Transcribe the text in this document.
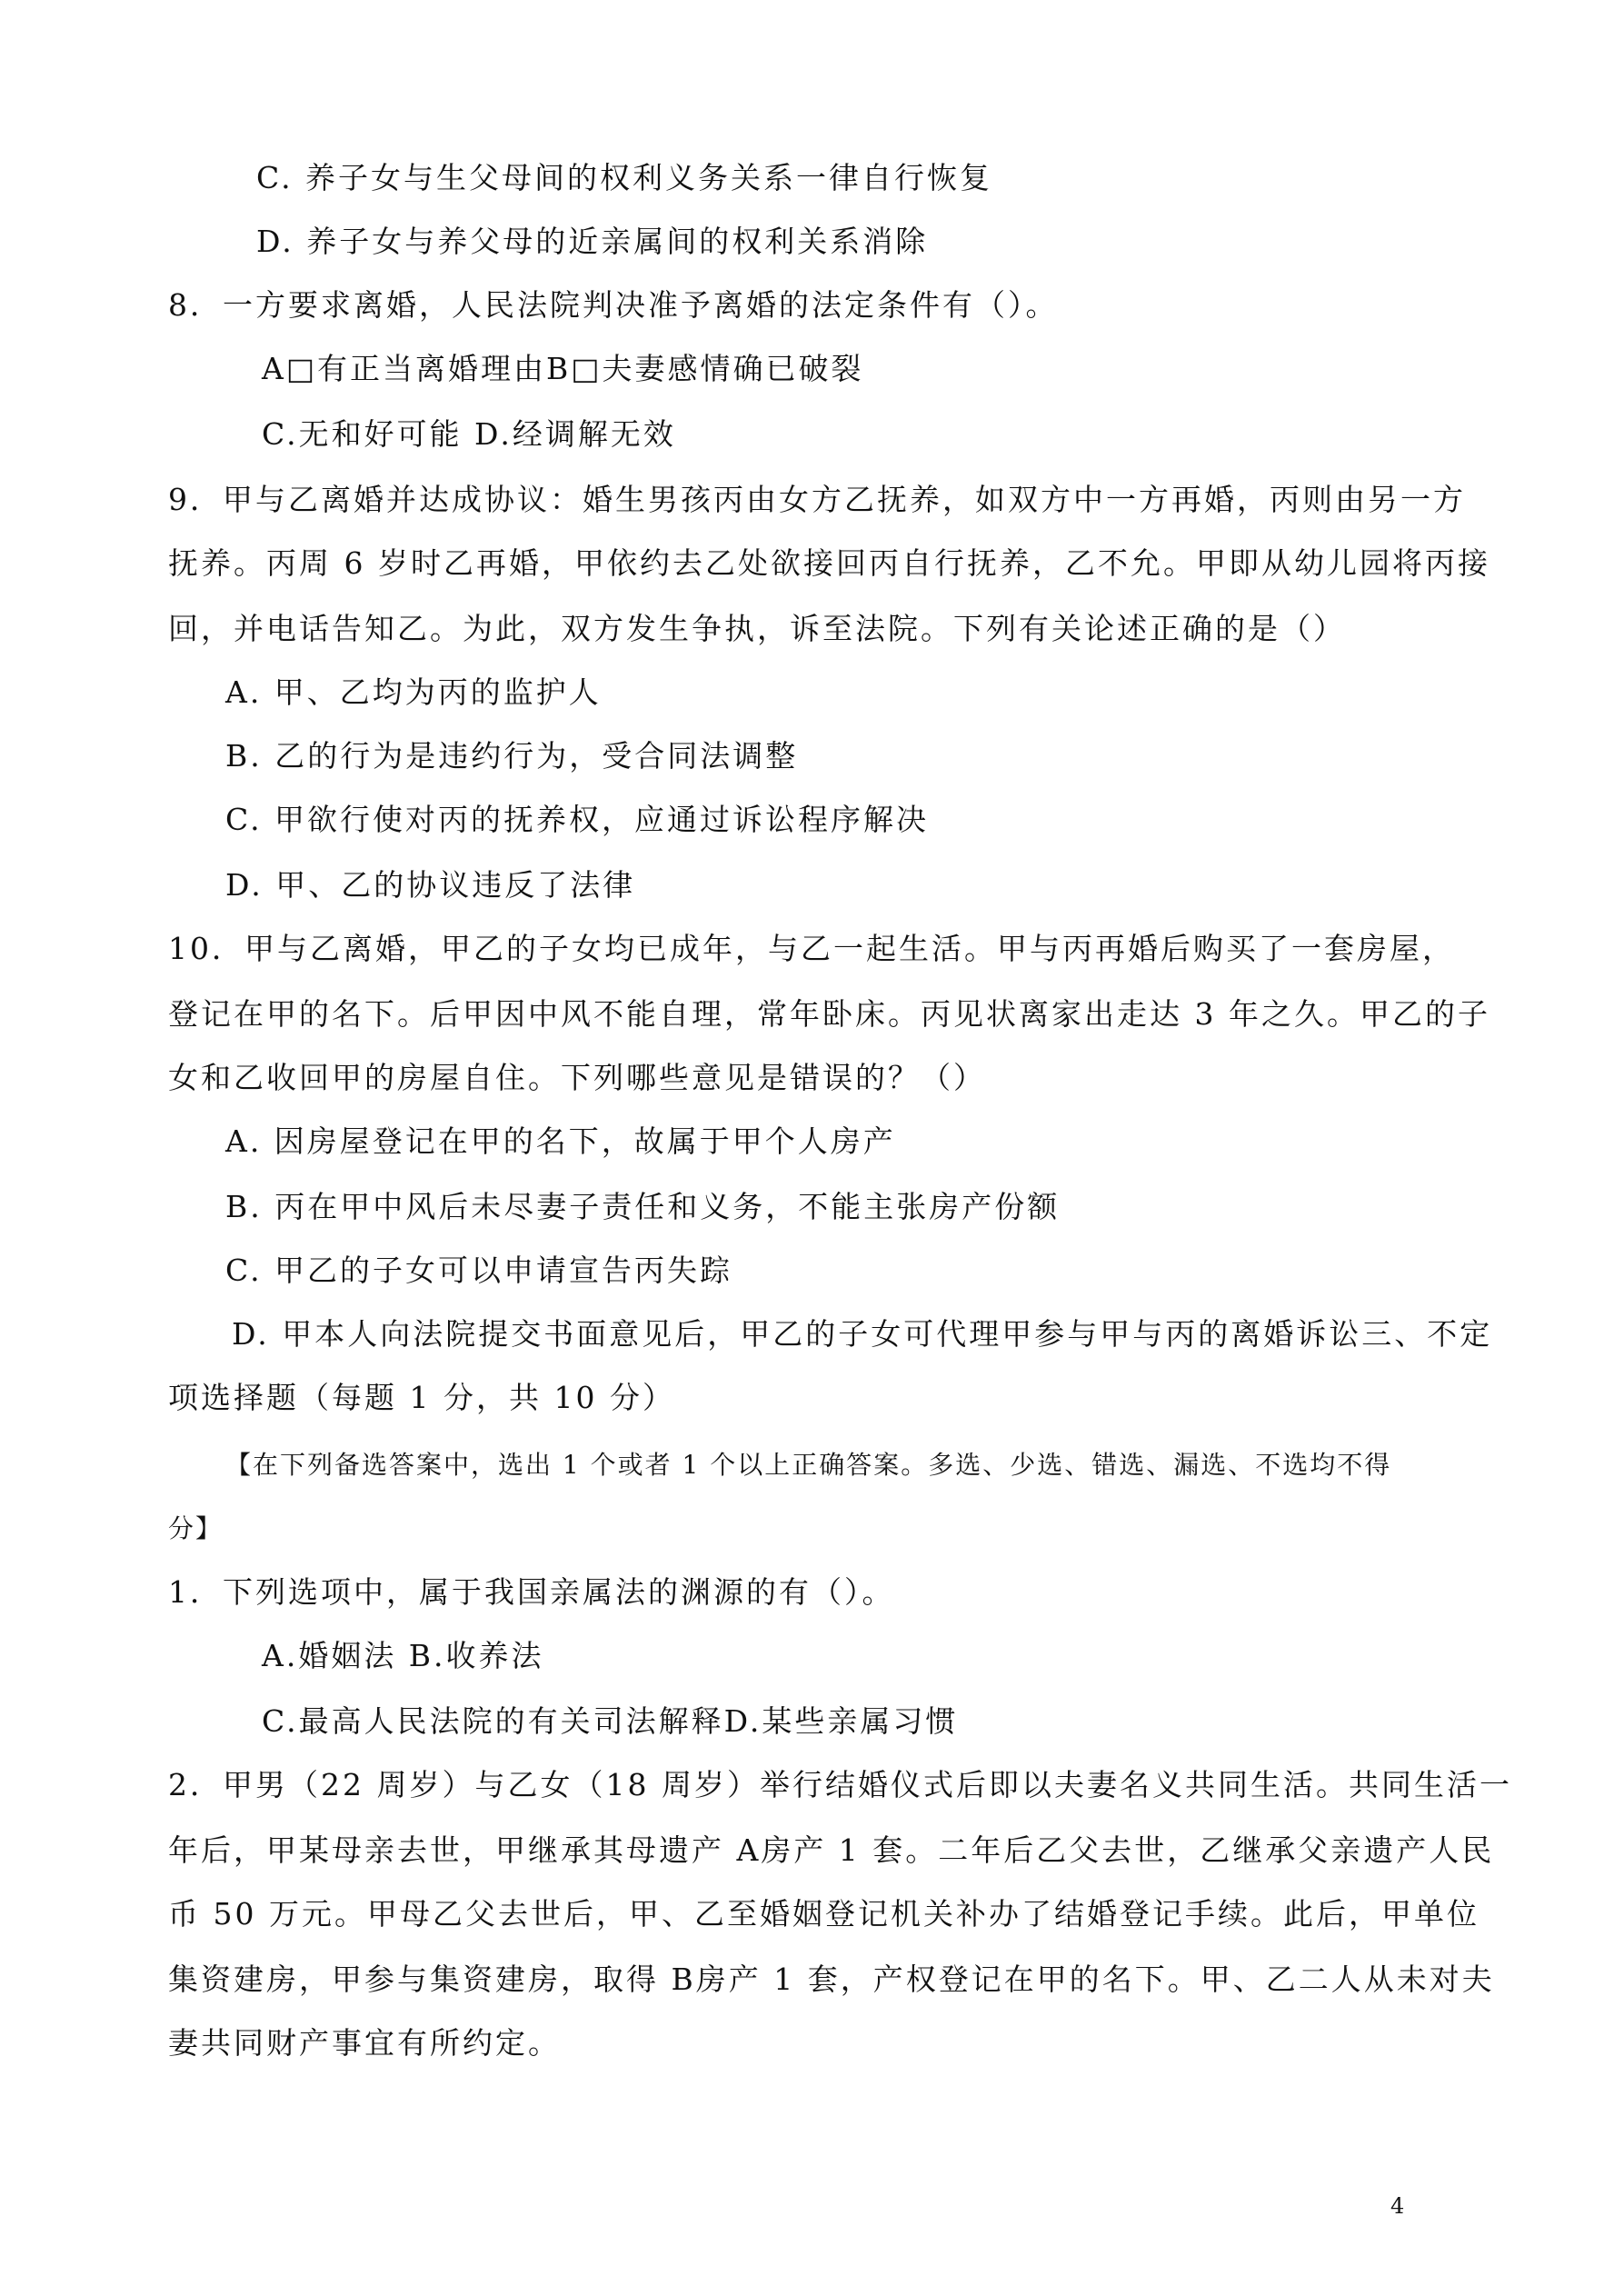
C. 养子女与生父母间的权利义务关系一律自行恢复
D. 养子女与养父母的近亲属间的权利关系消除
8．一方要求离婚，人民法院判决准予离婚的法定条件有（）。
A□有正当离婚理由B□夫妻感情确已破裂
C.无和好可能 D.经调解无效
9．甲与乙离婚并达成协议：婚生男孩丙由女方乙抚养，如双方中一方再婚，丙则由另一方
抚养。丙周 6 岁时乙再婚，甲依约去乙处欲接回丙自行抚养，乙不允。甲即从幼儿园将丙接
回，并电话告知乙。为此，双方发生争执，诉至法院。下列有关论述正确的是（）
A. 甲、乙均为丙的监护人
B. 乙的行为是违约行为，受合同法调整
C. 甲欲行使对丙的抚养权，应通过诉讼程序解决
D. 甲、乙的协议违反了法律
10．甲与乙离婚，甲乙的子女均已成年，与乙一起生活。甲与丙再婚后购买了一套房屋，
登记在甲的名下。后甲因中风不能自理，常年卧床。丙见状离家出走达 3 年之久。甲乙的子
女和乙收回甲的房屋自住。下列哪些意见是错误的？（）
A. 因房屋登记在甲的名下，故属于甲个人房产
B. 丙在甲中风后未尽妻子责任和义务，不能主张房产份额
C. 甲乙的子女可以申请宣告丙失踪
D. 甲本人向法院提交书面意见后，甲乙的子女可代理甲参与甲与丙的离婚诉讼三、不定
项选择题（每题 1 分，共 10 分）
【在下列备选答案中，选出 1 个或者 1 个以上正确答案。多选、少选、错选、漏选、不选均不得
分】
1．下列选项中，属于我国亲属法的渊源的有（）。
A.婚姻法 B.收养法
C.最高人民法院的有关司法解释D.某些亲属习惯
2．甲男（22 周岁）与乙女（18 周岁）举行结婚仪式后即以夫妻名义共同生活。共同生活一
年后，甲某母亲去世，甲继承其母遗产 A房产 1 套。二年后乙父去世，乙继承父亲遗产人民
币 50 万元。甲母乙父去世后，甲、乙至婚姻登记机关补办了结婚登记手续。此后，甲单位
集资建房，甲参与集资建房，取得 B房产 1 套，产权登记在甲的名下。甲、乙二人从未对夫
妻共同财产事宜有所约定。
4
